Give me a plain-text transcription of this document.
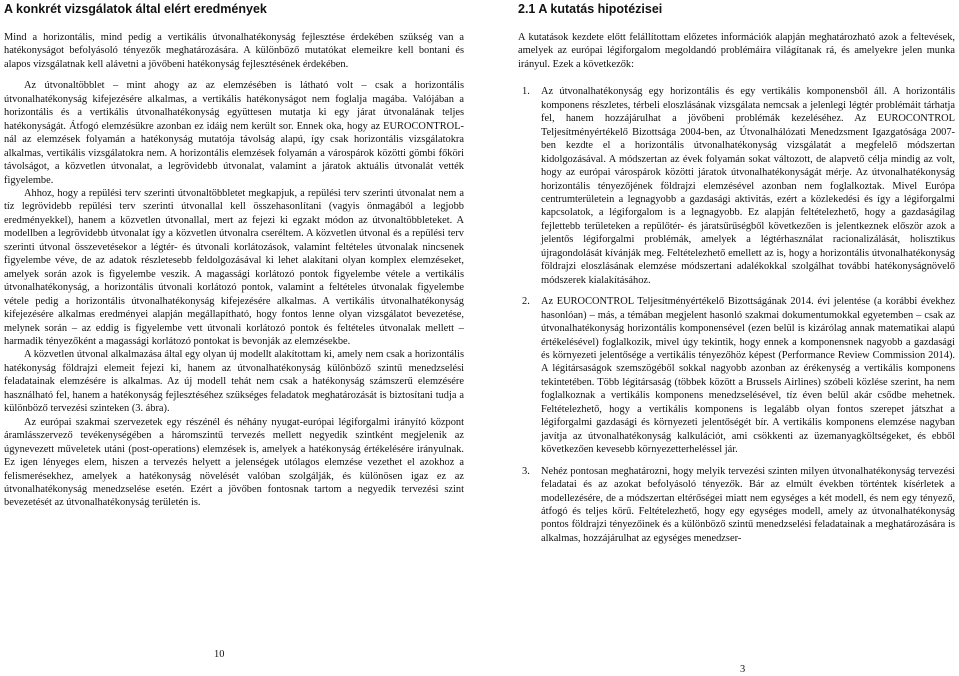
A konkrét vizsgálatok által elért eredmények

Mind a horizontális, mind pedig a vertikális útvonalhatékonyság fejlesztése érdekében szükség van a hatékonyságot befolyásoló tényezők meghatározására. A különböző mutatókat elemeikre kell bontani és alapos vizsgálatnak kell alávetni a jövőbeni hatékonyság fejlesztésének érdekében.

Az útvonaltöbblet – mint ahogy az az elemzésében is látható volt – csak a horizontális útvonalhatékonyság kifejezésére alkalmas, a vertikális hatékonyságot nem foglalja magába. Valójában a horizontális és a vertikális útvonalhatékonyság együttesen mutatja ki egy járat útvonalának teljes hatékonyságát. Átfogó elemzésükre azonban ez idáig nem került sor. Ennek oka, hogy az EUROCONTROL-nál az elemzések folyamán a hatékonyság mutatója távolság alapú, így csak horizontális vizsgálatokra alkalmas, vertikális vizsgálatokra nem. A horizontális elemzések folyamán a várospárok közötti gömbi főköri távolságot, a közvetlen útvonalat, a legrövidebb útvonalat, valamint a járatok aktuális útvonalát vették figyelembe.

Ahhoz, hogy a repülési terv szerinti útvonaltöbbletet megkapjuk, a repülési terv szerinti útvonalat nem a tíz legrövidebb repülési terv szerinti útvonallal kell összehasonlítani (vagyis önmagából a legjobb eredményekkel), hanem a közvetlen útvonallal, mert az fejezi ki egzakt módon az útvonaltöbbleteket. A modellben a legrövidebb útvonalat így a közvetlen útvonalra cseréltem. A közvetlen útvonal és a repülési terv szerinti útvonal összevetésekor a légtér- és útvonali korlátozások, valamint feltételes útvonalak nincsenek figyelembe véve, de az adatok részletesebb feldolgozásával ki lehet alakítani olyan komplex elemzéseket, amelyek során azok is figyelembe veszik. A magassági korlátozó pontok figyelembe vétele a vertikális útvonalhatékonyság, a horizontális útvonali korlátozó pontok, valamint a feltételes útvonalak figyelembe vétele pedig a horizontális útvonalhatékonyság kifejezésére alkalmas. A vertikális útvonalhatékonyság kifejezésére alkalmas eredményei alapján megállapítható, hogy fontos lenne olyan vizsgálatot bevezetése, melynek során – az eddig is figyelembe vett útvonali korlátozó pontok és feltételes útvonalak mellett – harmadik tényezőként a magassági korlátozó pontokat is bevonják az elemzésekbe.

A közvetlen útvonal alkalmazása által egy olyan új modellt alakítottam ki, amely nem csak a horizontális hatékonyság földrajzi elemeit fejezi ki, hanem az útvonalhatékonyság különböző szintű menedzselési feladatainak elemzésére is alkalmas. Az új modell tehát nem csak a hatékonyság számszerű elemzésére használható fel, hanem a hatékonyság fejlesztéséhez szükséges feladatok meghatározását is biztosítani tudja a különböző tervezési szinteken (3. ábra).

Az európai szakmai szervezetek egy részénél és néhány nyugat-európai légiforgalmi irányító központ áramlásszervező tevékenységében a háromszintű tervezés mellett negyedik szintként megjelenik az úgynevezett műveletek utáni (post-operations) elemzések is, amelyek a hatékonyság értékelésére irányulnak. Ez igen lényeges elem, hiszen a tervezés helyett a jelenségek utólagos elemzése vezethet el azokhoz a felismerésekhez, amelyek a hatékonyság növelését valóban szolgálják, és különösen igaz ez az útvonalhatékonyság menedzselése esetén. Ezért a jövőben fontosnak tartom a negyedik tervezési szint bevezetését az útvonalhatékonyság területén is.

10
2.1 A kutatás hipotézisei

A kutatások kezdete előtt felállítottam előzetes információk alapján meghatározható azok a feltevések, amelyek az európai légiforgalom megoldandó problémáira világítanak rá, és amelyekre jelen munka irányul. Ezek a következők:

1. Az útvonalhatékonyság egy horizontális és egy vertikális komponensből áll. A horizontális komponens részletes, térbeli eloszlásának vizsgálata nemcsak a jelenlegi légtér problémáit tárhatja fel, hanem hozzájárulhat a jövőbeni problémák kezeléséhez. Az EUROCONTROL Teljesítményértékelő Bizottsága 2004-ben, az Útvonalhálózati Menedzsment Igazgatósága 2007-ben kezdte el a horizontális útvonalhatékonyság vizsgálatát a megfelelő módszertan kidolgozásával. A módszertan az évek folyamán sokat változott, de alapvető célja mindig az volt, hogy az európai várospárok közötti járatok útvonalhatékonyságát mérje. Az útvonalhatékonyság horizontális tényezőjének földrajzi elemzésével azonban nem foglalkoztak. Mivel Európa centrumterületein a legnagyobb a gazdasági aktivitás, ezért a közlekedési és így a légiforgalmi kapcsolatok, a légiforgalom is a legnagyobb. Ez alapján feltételezhető, hogy a gazdaságilag fejlettebb területeken a repülőtér- és járatsűrűségből következően is jelentkeznek először azok a jelentős légiforgalmi problémák, amelyek a légtérhasználat racionalizálását, holisztikus újragondolását kívánják meg. Feltételezhető emellett az is, hogy a horizontális útvonalhatékonyság földrajzi eloszlásának elemzése módszertani adalékokkal szolgálhat további hatékonyságnövelő módszerek kialakításához.

2. Az EUROCONTROL Teljesítményértékelő Bizottságának 2014. évi jelentése (a korábbi évekhez hasonlóan) – más, a témában megjelent hasonló szakmai dokumentumokkal egyetemben – csak az útvonalhatékonyság horizontális komponensével (ezen belül is kizárólag annak matematikai alapú értékelésével) foglalkozik, mivel úgy tekintik, hogy ennek a komponensnek nagyobb a gazdasági és környezeti jelentősége a vertikális tényezőhöz képest (Performance Review Commission 2014). A légitársaságok szemszögéből sokkal nagyobb azonban az érékenység a vertikális komponens tekintetében. Több légitársaság (többek között a Brussels Airlines) szóbeli közlése szerint, ha nem foglalkoznak a vertikális komponens menedzselésével, tíz éven belül akár csődbe mehetnek. Feltételezhető, hogy a vertikális komponens is legalább olyan fontos szerepet játszhat a légiforgalmi gazdasági és környezeti jelentőségét bír. A vertikális komponens elemzése nagyban javítja az útvonalhatékonyság kalkulációt, ami csökkenti az üzemanyagköltségeket, és ebből következően kevesebb környezetterheléssel jár.

3. Nehéz pontosan meghatározni, hogy melyik tervezési szinten milyen útvonalhatékonyság tervezési feladatai és az azokat befolyásoló tényezők. Bár az elmúlt években történtek kísérletek a modellezésére, de a módszertan eltérőségei miatt nem egységes a két modell, és nem egy tényező, átfogó és teljes körű. Feltételezhető, hogy egy egységes modell, amely az útvonalhatékonyság pontos földrajzi tényezőinek és a különböző szintű menedzselési feladatainak a meghatározására is alkalmas, hozzájárulhat az egységes menedzser-

3
